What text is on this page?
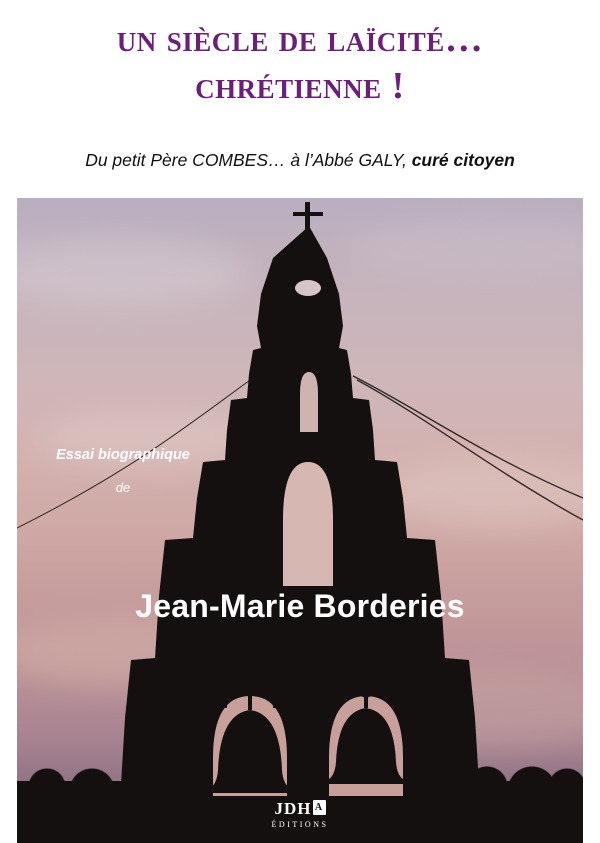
un siècle de laïcité…
chrétienne !
Du petit Père COMBES… à l’Abbé GALY, curé citoyen
Essai biographique
de
Jean-Marie Borderies
JDH A
ÉDITIONS
